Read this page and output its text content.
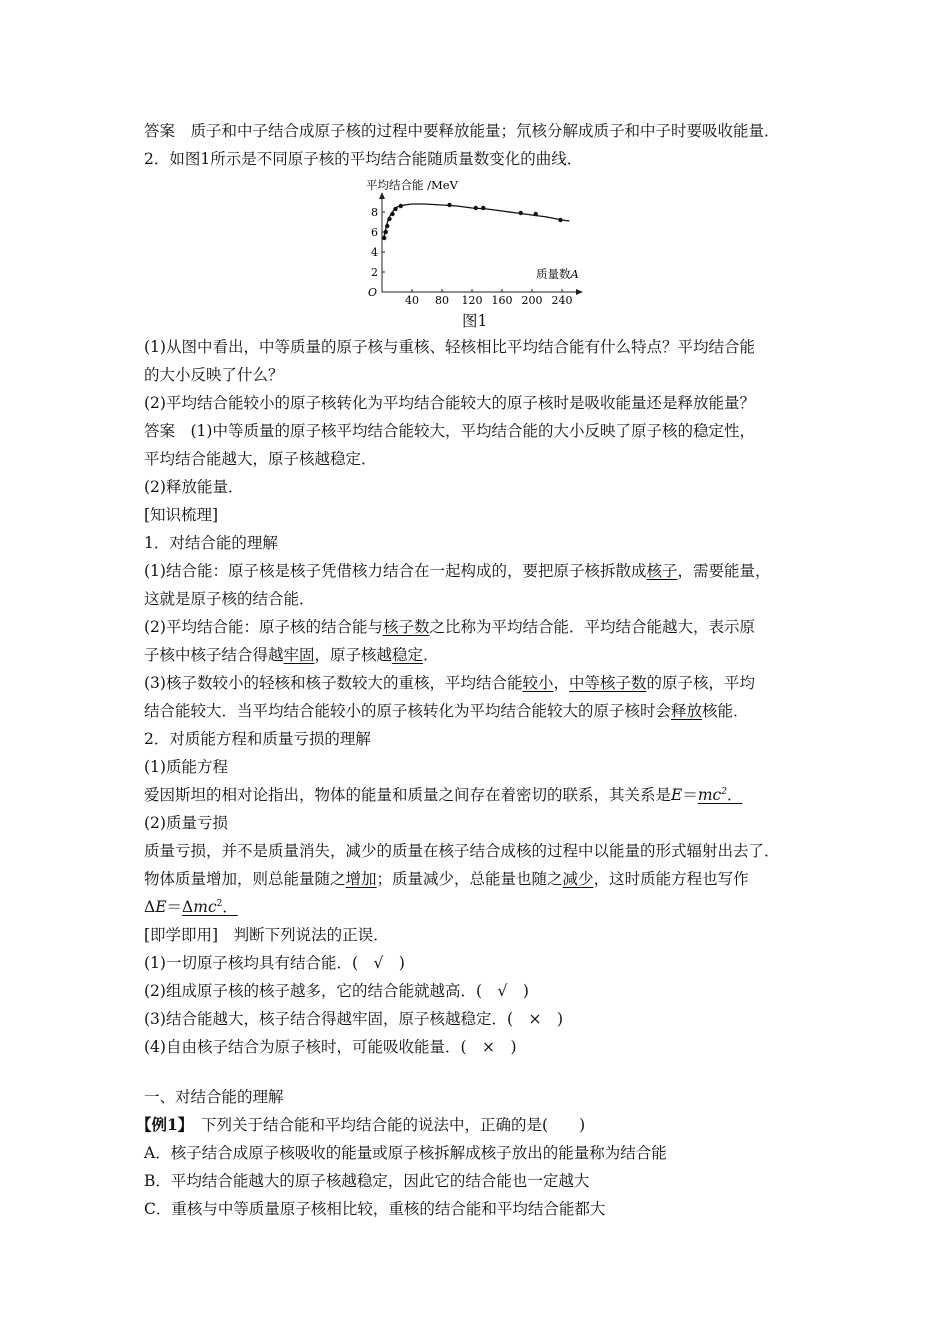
答案　质子和中子结合成原子核的过程中要释放能量；氘核分解成质子和中子时要吸收能量．
2．如图1所示是不同原子核的平均结合能随质量数变化的曲线．
平均结合能 /MeV
质量数A
O
40 80 120 160 200 240
2
4
6
8
图1
(1)从图中看出，中等质量的原子核与重核、轻核相比平均结合能有什么特点？平均结合能
的大小反映了什么？
(2)平均结合能较小的原子核转化为平均结合能较大的原子核时是吸收能量还是释放能量？
答案　(1)中等质量的原子核平均结合能较大，平均结合能的大小反映了原子核的稳定性，
平均结合能越大，原子核越稳定．
(2)释放能量．
[知识梳理]
1．对结合能的理解
(1)结合能：原子核是核子凭借核力结合在一起构成的，要把原子核拆散成核子，需要能量，
这就是原子核的结合能．
(2)平均结合能：原子核的结合能与核子数之比称为平均结合能．平均结合能越大，表示原
子核中核子结合得越牢固，原子核越稳定．
(3)核子数较小的轻核和核子数较大的重核，平均结合能较小，中等核子数的原子核，平均
结合能较大．当平均结合能较小的原子核转化为平均结合能较大的原子核时会释放核能．
2．对质能方程和质量亏损的理解
(1)质能方程
爱因斯坦的相对论指出，物体的能量和质量之间存在着密切的联系，其关系是$E=mc^2$．
(2)质量亏损
质量亏损，并不是质量消失，减少的质量在核子结合成核的过程中以能量的形式辐射出去了．
物体质量增加，则总能量随之增加；质量减少，总能量也随之减少，这时质能方程也写作
ΔE＝Δmc$^2$．
[即学即用]　判断下列说法的正误．
(1)一切原子核均具有结合能．(　√　)
(2)组成原子核的核子越多，它的结合能就越高．(　√　)
(3)结合能越大，核子结合得越牢固，原子核越稳定．(　×　)
(4)自由核子结合为原子核时，可能吸收能量．(　×　)
一、对结合能的理解
【例1】　下列关于结合能和平均结合能的说法中，正确的是(　　)
A．核子结合成原子核吸收的能量或原子核拆解成核子放出的能量称为结合能
B．平均结合能越大的原子核越稳定，因此它的结合能也一定越大
C．重核与中等质量原子核相比较，重核的结合能和平均结合能都大
